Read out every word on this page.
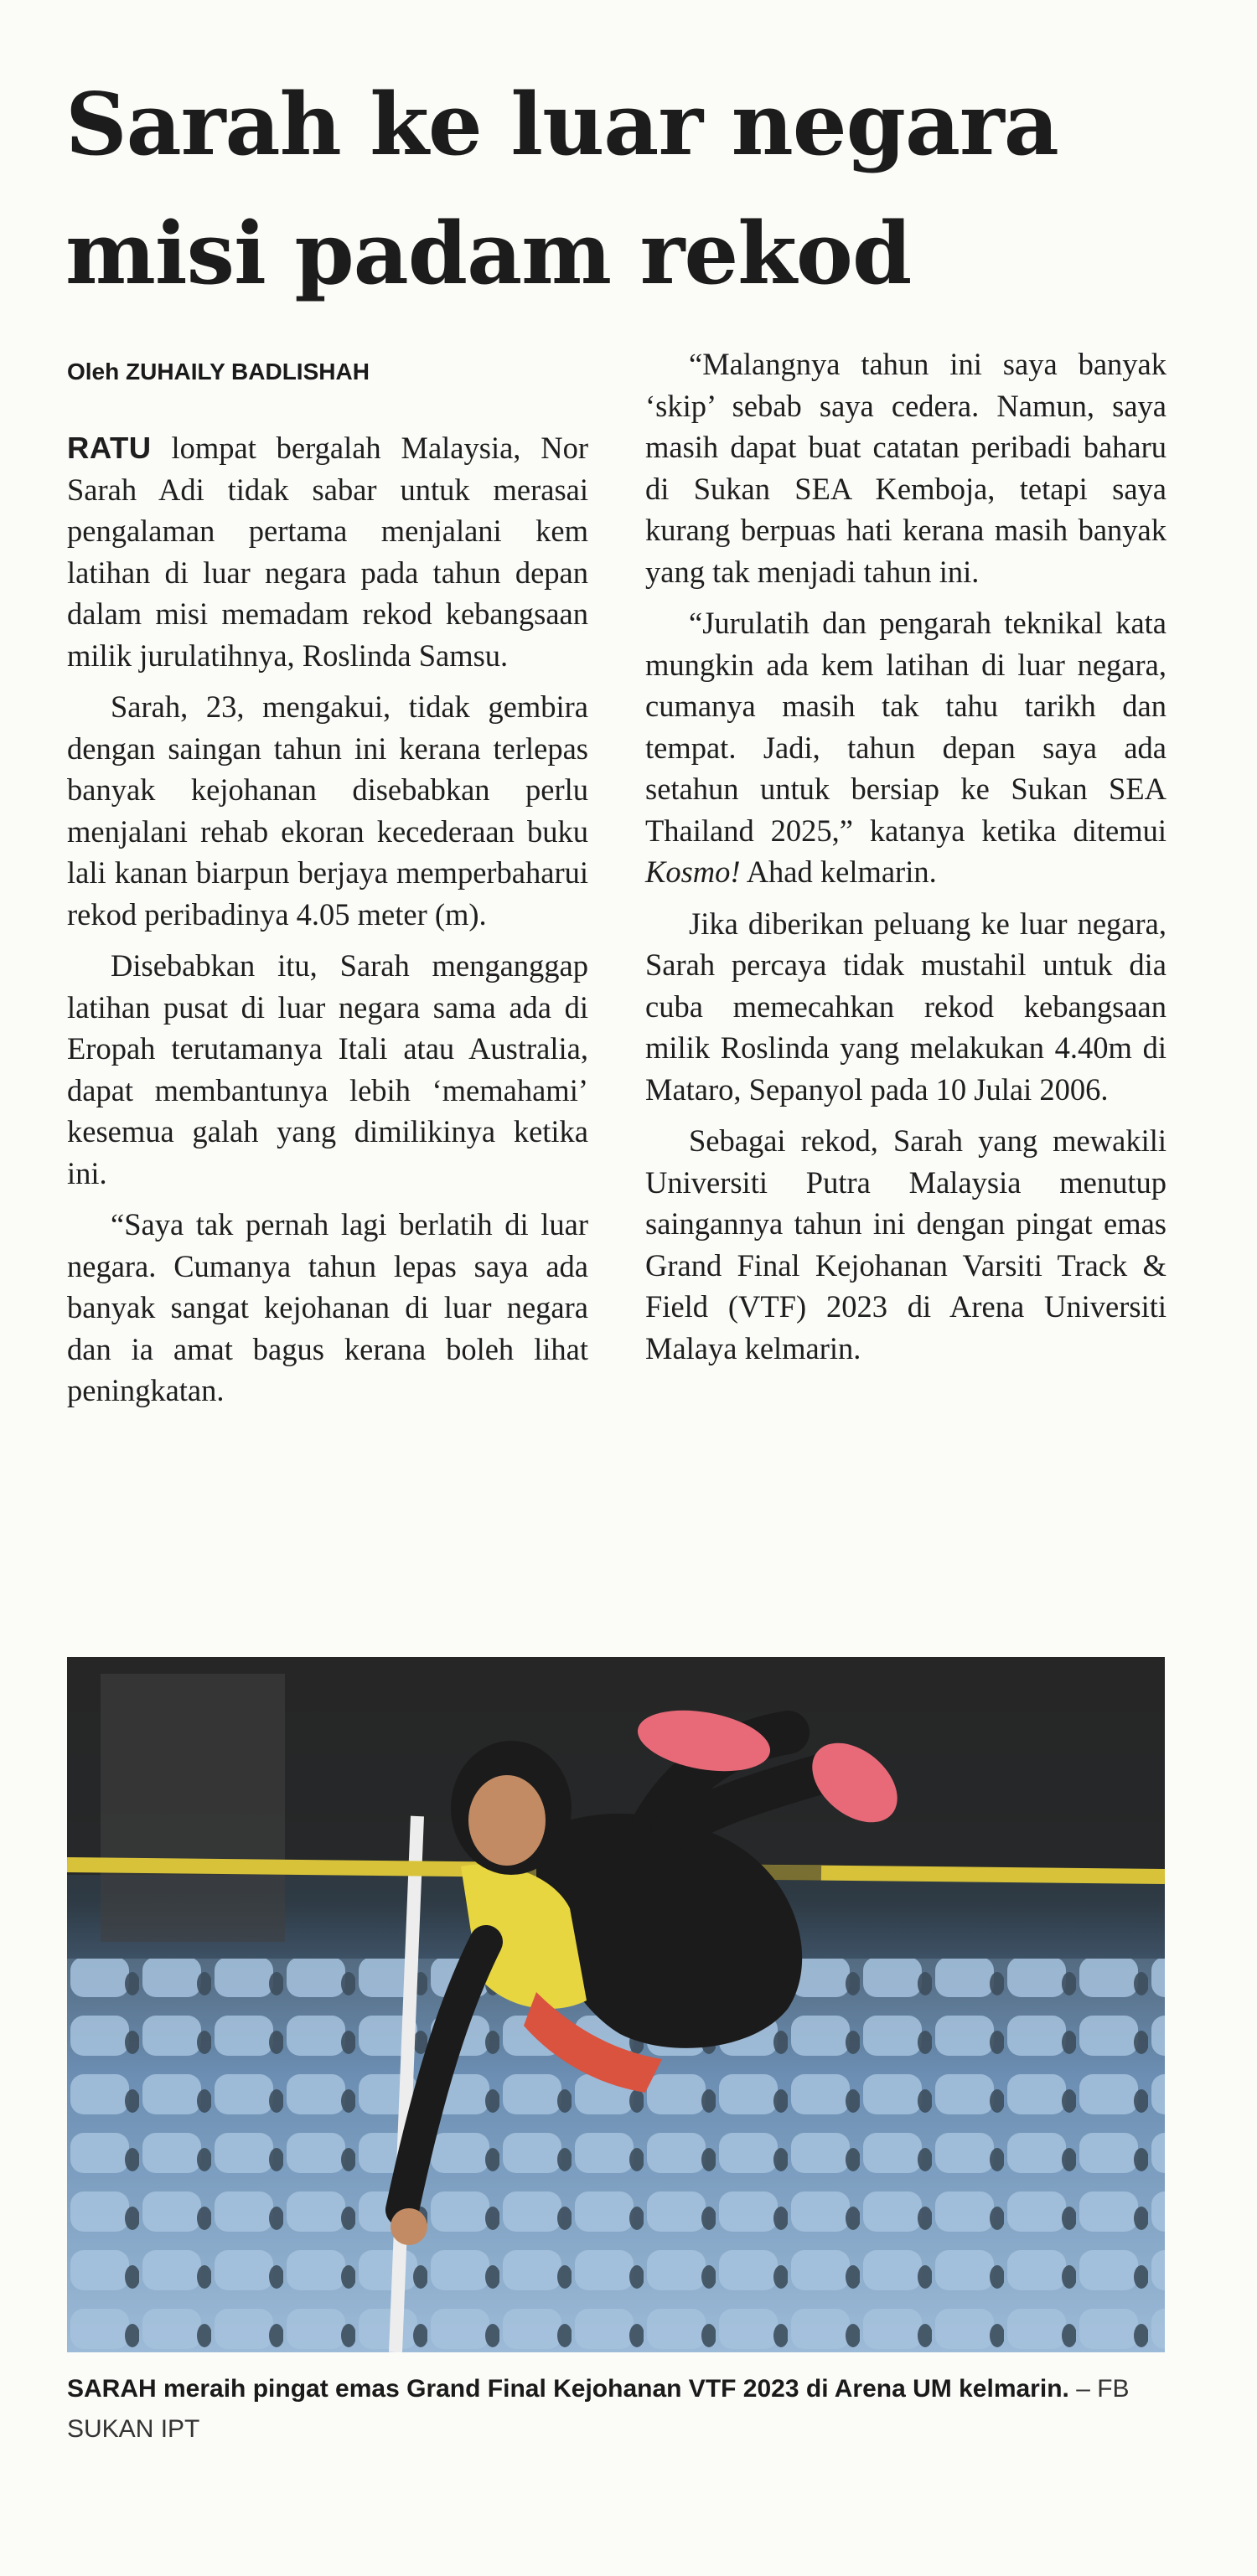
Sarah ke luar negara
misi padam rekod
Oleh ZUHAILY BADLISHAH

RATU lompat bergalah Malaysia, Nor Sarah Adi tidak sabar untuk merasai pengalaman pertama menjalani kem latihan di luar negara pada tahun depan dalam misi memadam rekod kebangsaan milik jurulatihnya, Roslinda Samsu.

Sarah, 23, mengakui, tidak gembira dengan saingan tahun ini kerana terlepas banyak kejohanan disebabkan perlu menjalani rehab ekoran kecederaan buku lali kanan biarpun berjaya memperbaharui rekod peribadinya 4.05 meter (m).

Disebabkan itu, Sarah menganggap latihan pusat di luar negara sama ada di Eropah terutamanya Itali atau Australia, dapat membantunya lebih ‘memahami’ kesemua galah yang dimilikinya ketika ini.

“Saya tak pernah lagi berlatih di luar negara. Cumanya tahun lepas saya ada banyak sangat kejohanan di luar negara dan ia amat bagus kerana boleh lihat peningkatan.

“Malangnya tahun ini saya banyak ‘skip’ sebab saya cedera. Namun, saya masih dapat buat catatan peribadi baharu di Sukan SEA Kemboja, tetapi saya kurang berpuas hati kerana masih banyak yang tak menjadi tahun ini.

“Jurulatih dan pengarah teknikal kata mungkin ada kem latihan di luar negara, cumanya masih tak tahu tarikh dan tempat. Jadi, tahun depan saya ada setahun untuk bersiap ke Sukan SEA Thailand 2025,” katanya ketika ditemui Kosmo! Ahad kelmarin.

Jika diberikan peluang ke luar negara, Sarah percaya tidak mustahil untuk dia cuba memecahkan rekod kebangsaan milik Roslinda yang melakukan 4.40m di Mataro, Sepanyol pada 10 Julai 2006.

Sebagai rekod, Sarah yang mewakili Universiti Putra Malaysia menutup saingannya tahun ini dengan pingat emas Grand Final Kejohanan Varsiti Track & Field (VTF) 2023 di Arena Universiti Malaya kelmarin.

SARAH meraih pingat emas Grand Final Kejohanan VTF 2023 di Arena UM kelmarin. – FB SUKAN IPT
